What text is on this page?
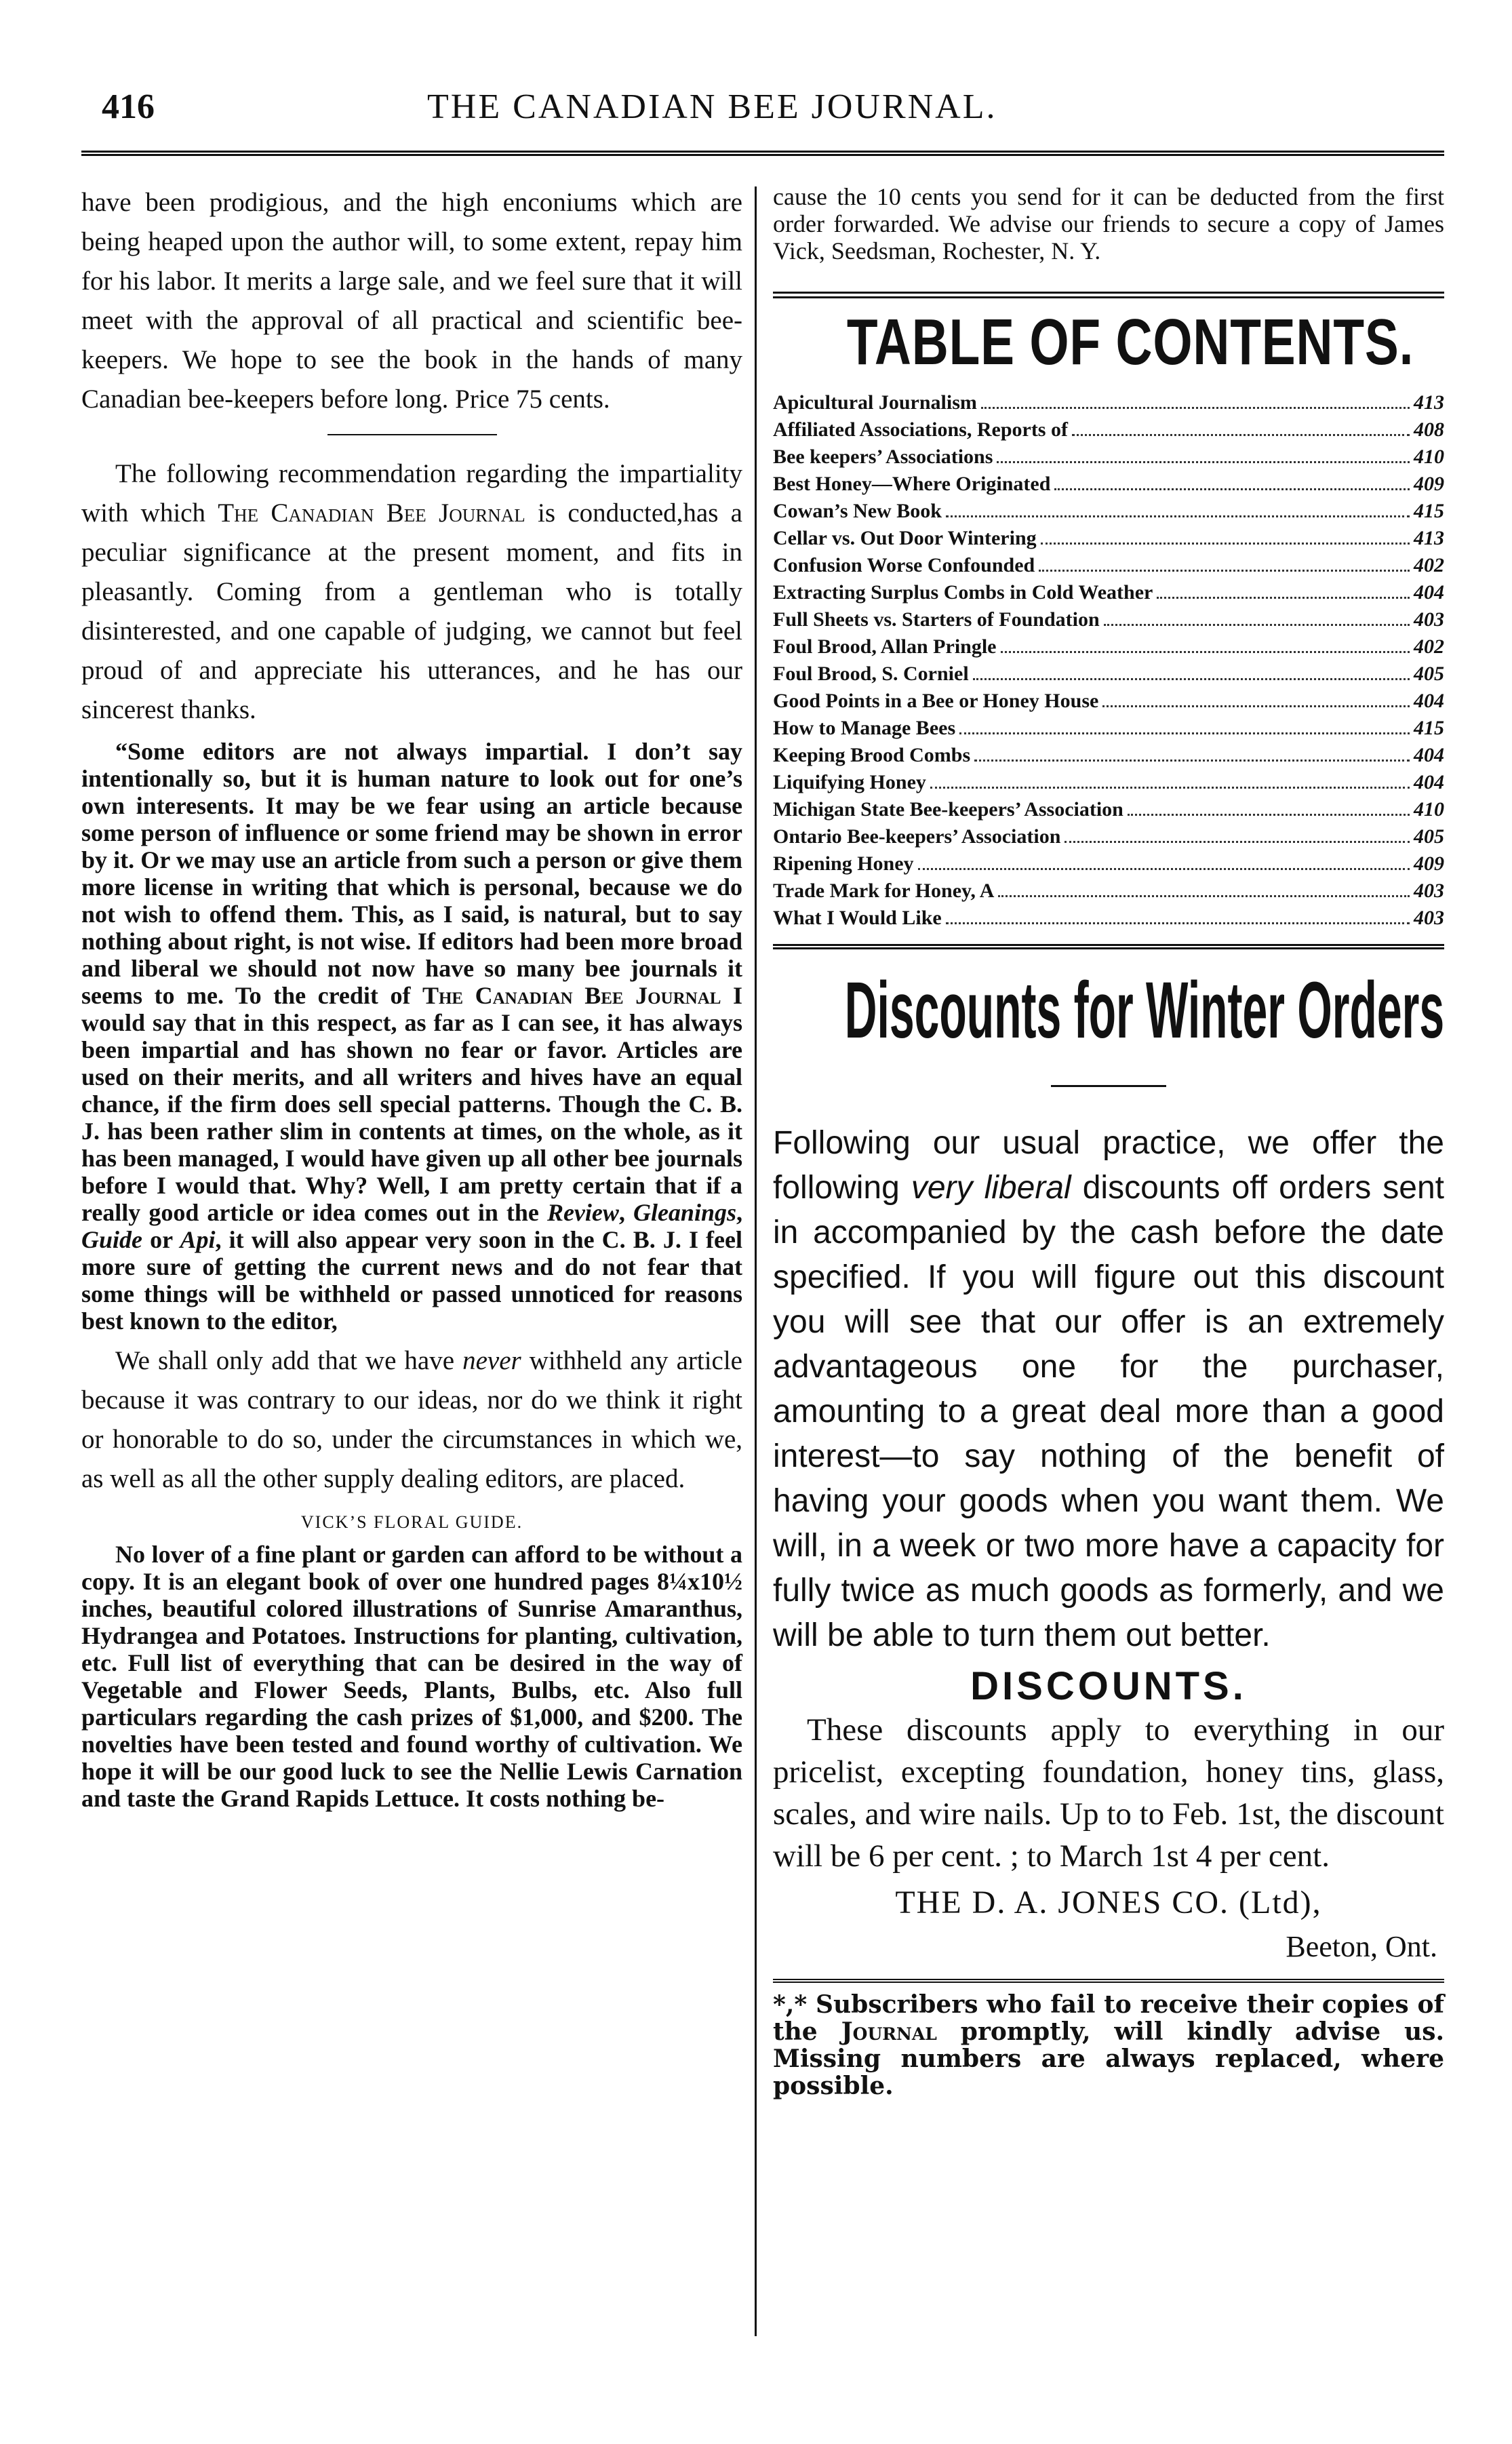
416	THE CANADIAN BEE JOURNAL.

have been prodigious, and the high enconiums which are being heaped upon the author will, to some extent, repay him for his labor. It merits a large sale, and we feel sure that it will meet with the approval of all practical and scientific bee-keepers. We hope to see the book in the hands of many Canadian bee-keepers before long. Price 75 cents.

The following recommendation regarding the impartiality with which The Canadian Bee Journal is conducted,has a peculiar significance at the present moment, and fits in pleasantly. Coming from a gentleman who is totally disinterested, and one capable of judging, we cannot but feel proud of and appreciate his utterances, and he has our sincerest thanks.

“Some editors are not always impartial. I don’t say intentionally so, but it is human nature to look out for one’s own interesents. It may be we fear using an article because some person of influence or some friend may be shown in error by it. Or we may use an article from such a person or give them more license in writing that which is personal, because we do not wish to offend them. This, as I said, is natural, but to say nothing about right, is not wise. If editors had been more broad and liberal we should not now have so many bee journals it seems to me. To the credit of The Canadian Bee Journal I would say that in this respect, as far as I can see, it has always been impartial and has shown no fear or favor. Articles are used on their merits, and all writers and hives have an equal chance, if the firm does sell special patterns. Though the C. B. J. has been rather slim in contents at times, on the whole, as it has been managed, I would have given up all other bee journals before I would that. Why? Well, I am pretty certain that if a really good article or idea comes out in the Review, Gleanings, Guide or Api, it will also appear very soon in the C. B. J. I feel more sure of getting the current news and do not fear that some things will be withheld or passed unnoticed for reasons best known to the editor,

We shall only add that we have never withheld any article because it was contrary to our ideas, nor do we think it right or honorable to do so, under the circumstances in which we, as well as all the other supply dealing editors, are placed.

VICK’S FLORAL GUIDE.

No lover of a fine plant or garden can afford to be without a copy. It is an elegant book of over one hundred pages 8¼x10½ inches, beautiful colored illustrations of Sunrise Amaranthus, Hydrangea and Potatoes. Instructions for planting, cultivation, etc. Full list of everything that can be desired in the way of Vegetable and Flower Seeds, Plants, Bulbs, etc. Also full particulars regarding the cash prizes of $1,000, and $200. The novelties have been tested and found worthy of cultivation. We hope it will be our good luck to see the Nellie Lewis Carnation and taste the Grand Rapids Lettuce. It costs nothing be-

cause the 10 cents you send for it can be deducted from the first order forwarded. We advise our friends to secure a copy of James Vick, Seedsman, Rochester, N. Y.

TABLE OF CONTENTS.
Apicultural Journalism	413
Affiliated Associations, Reports of	408
Bee keepers’ Associations	410
Best Honey—Where Originated	409
Cowan’s New Book	415
Cellar vs. Out Door Wintering	413
Confusion Worse Confounded	402
Extracting Surplus Combs in Cold Weather	404
Full Sheets vs. Starters of Foundation	403
Foul Brood, Allan Pringle	402
Foul Brood, S. Corniel	405
Good Points in a Bee or Honey House	404
How to Manage Bees	415
Keeping Brood Combs	404
Liquifying Honey	404
Michigan State Bee-keepers’ Association	410
Ontario Bee-keepers’ Association	405
Ripening Honey	409
Trade Mark for Honey, A	403
What I Would Like	403
Discounts for Winter Orders

Following our usual practice, we offer the following very liberal discounts off orders sent in accompanied by the cash before the date specified. If you will figure out this discount you will see that our offer is an extremely advantageous one for the purchaser, amounting to a great deal more than a good interest—to say nothing of the benefit of having your goods when you want them. We will, in a week or two more have a capacity for fully twice as much goods as formerly, and we will be able to turn them out better.

DISCOUNTS.

These discounts apply to everything in our pricelist, excepting foundation, honey tins, glass, scales, and wire nails. Up to to Feb. 1st, the discount will be 6 per cent. ; to March 1st 4 per cent.

THE D. A. JONES CO. (Ltd),

Beeton, Ont.

*,* Subscribers who fail to receive their copies of the Journal promptly, will kindly advise us. Missing numbers are always replaced, where possible.
